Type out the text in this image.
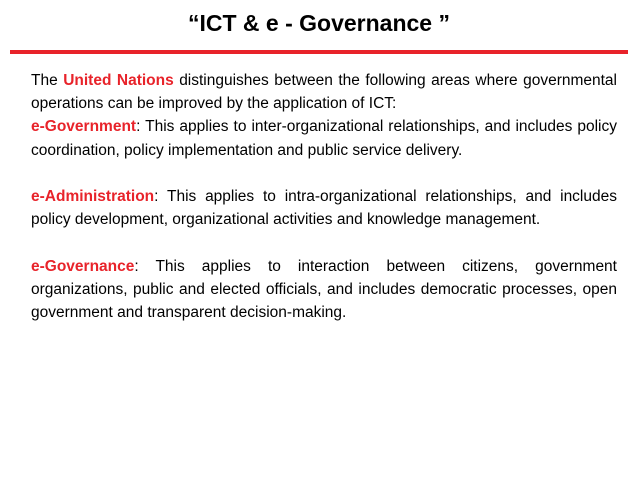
“ICT & e - Governance ”

The United Nations distinguishes between the following areas where governmental operations can be improved by the application of ICT:

e-Government: This applies to inter-organizational relationships, and includes policy coordination, policy implementation and public service delivery.

e-Administration: This applies to intra-organizational relationships, and includes policy development, organizational activities and knowledge management.

e-Governance: This applies to interaction between citizens, government organizations, public and elected officials, and includes democratic processes, open government and transparent decision-making.
